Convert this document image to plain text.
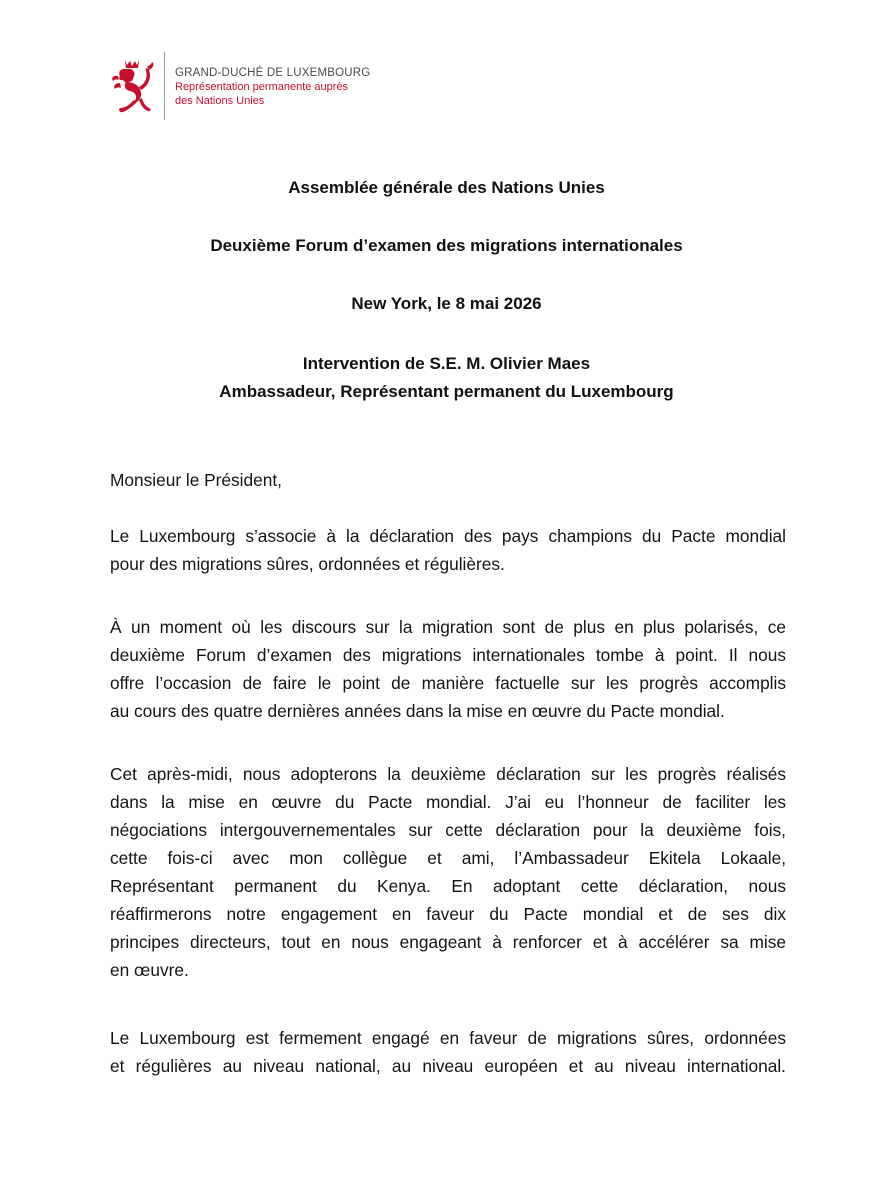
GRAND-DUCHÉ DE LUXEMBOURG
Représentation permanente auprès
des Nations Unies
Assemblée générale des Nations Unies
Deuxième Forum d’examen des migrations internationales
New York, le 8 mai 2026
Intervention de S.E. M. Olivier Maes
Ambassadeur, Représentant permanent du Luxembourg
Monsieur le Président,
Le Luxembourg s’associe à la déclaration des pays champions du Pacte mondial
pour des migrations sûres, ordonnées et régulières.
À un moment où les discours sur la migration sont de plus en plus polarisés, ce
deuxième Forum d’examen des migrations internationales tombe à point. Il nous
offre l’occasion de faire le point de manière factuelle sur les progrès accomplis
au cours des quatre dernières années dans la mise en œuvre du Pacte mondial.
Cet après-midi, nous adopterons la deuxième déclaration sur les progrès réalisés
dans la mise en œuvre du Pacte mondial. J’ai eu l’honneur de faciliter les
négociations intergouvernementales sur cette déclaration pour la deuxième fois,
cette fois-ci avec mon collègue et ami, l’Ambassadeur Ekitela Lokaale,
Représentant permanent du Kenya. En adoptant cette déclaration, nous
réaffirmerons notre engagement en faveur du Pacte mondial et de ses dix
principes directeurs, tout en nous engageant à renforcer et à accélérer sa mise
en œuvre.
Le Luxembourg est fermement engagé en faveur de migrations sûres, ordonnées
et régulières au niveau national, au niveau européen et au niveau international.
